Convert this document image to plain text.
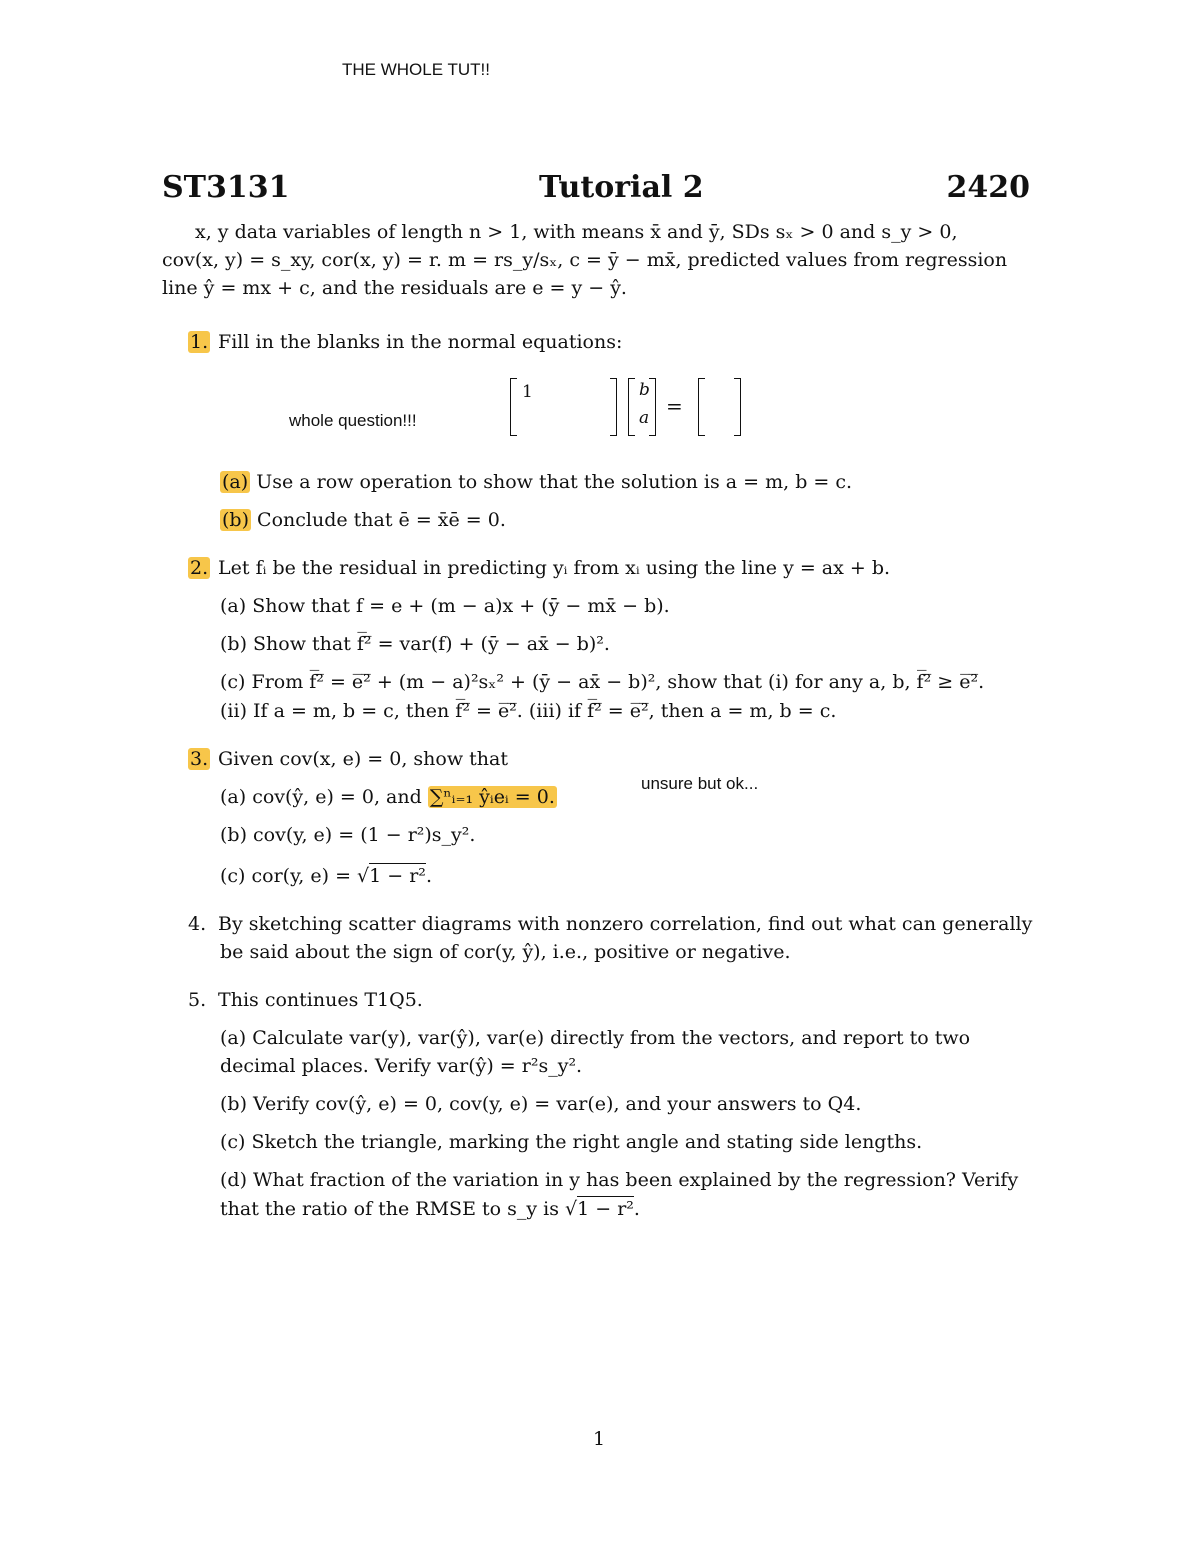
THE WHOLE TUT!!
ST3131	Tutorial 2	2420
x, y data variables of length n > 1, with means x̄ and ȳ, SDs sₓ > 0 and s_y > 0,
cov(x, y) = s_xy, cor(x, y) = r. m = rs_y/sₓ, c = ȳ − mx̄, predicted values from regression
line ŷ = mx + c, and the residuals are e = y − ŷ.
1. Fill in the blanks in the normal equations:
whole question!!!
1	b
a =
(a) Use a row operation to show that the solution is a = m, b = c.
(b) Conclude that ē = x̄ē = 0.
2. Let fᵢ be the residual in predicting yᵢ from xᵢ using the line y = ax + b.
(a) Show that f = e + (m − a)x + (ȳ − mx̄ − b).
(b) Show that f̅²̅ = var(f) + (ȳ − ax̄ − b)².
(c) From f̅²̅ = e̅²̅ + (m − a)²sₓ² + (ȳ − ax̄ − b)², show that (i) for any a, b, f̅²̅ ≥ e̅²̅.
(ii) If a = m, b = c, then f̅²̅ = e̅²̅. (iii) if f̅²̅ = e̅²̅, then a = m, b = c.
3. Given cov(x, e) = 0, show that
unsure but ok...
(a) cov(ŷ, e) = 0, and ∑ⁿᵢ₌₁ ŷᵢeᵢ = 0.
(b) cov(y, e) = (1 − r²)s_y².
(c) cor(y, e) = √1 − r².
4. By sketching scatter diagrams with nonzero correlation, find out what can generally
be said about the sign of cor(y, ŷ), i.e., positive or negative.
5. This continues T1Q5.
(a) Calculate var(y), var(ŷ), var(e) directly from the vectors, and report to two
decimal places. Verify var(ŷ) = r²s_y².
(b) Verify cov(ŷ, e) = 0, cov(y, e) = var(e), and your answers to Q4.
(c) Sketch the triangle, marking the right angle and stating side lengths.
(d) What fraction of the variation in y has been explained by the regression? Verify
that the ratio of the RMSE to s_y is √1 − r².
1
